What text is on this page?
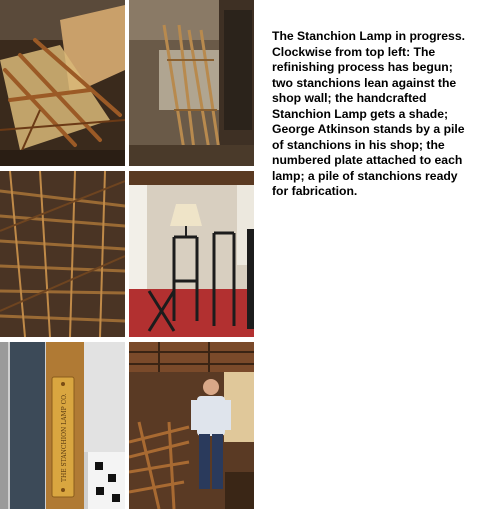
THE STANCHION LAMP CO.

The Stanchion Lamp in progress. Clockwise from top left: The refinishing process has begun; two stanchions lean against the shop wall; the handcrafted Stanchion Lamp gets a shade; George Atkinson stands by a pile of stanchions in his shop; the numbered plate attached to each lamp; a pile of stanchions ready for fabrication.
